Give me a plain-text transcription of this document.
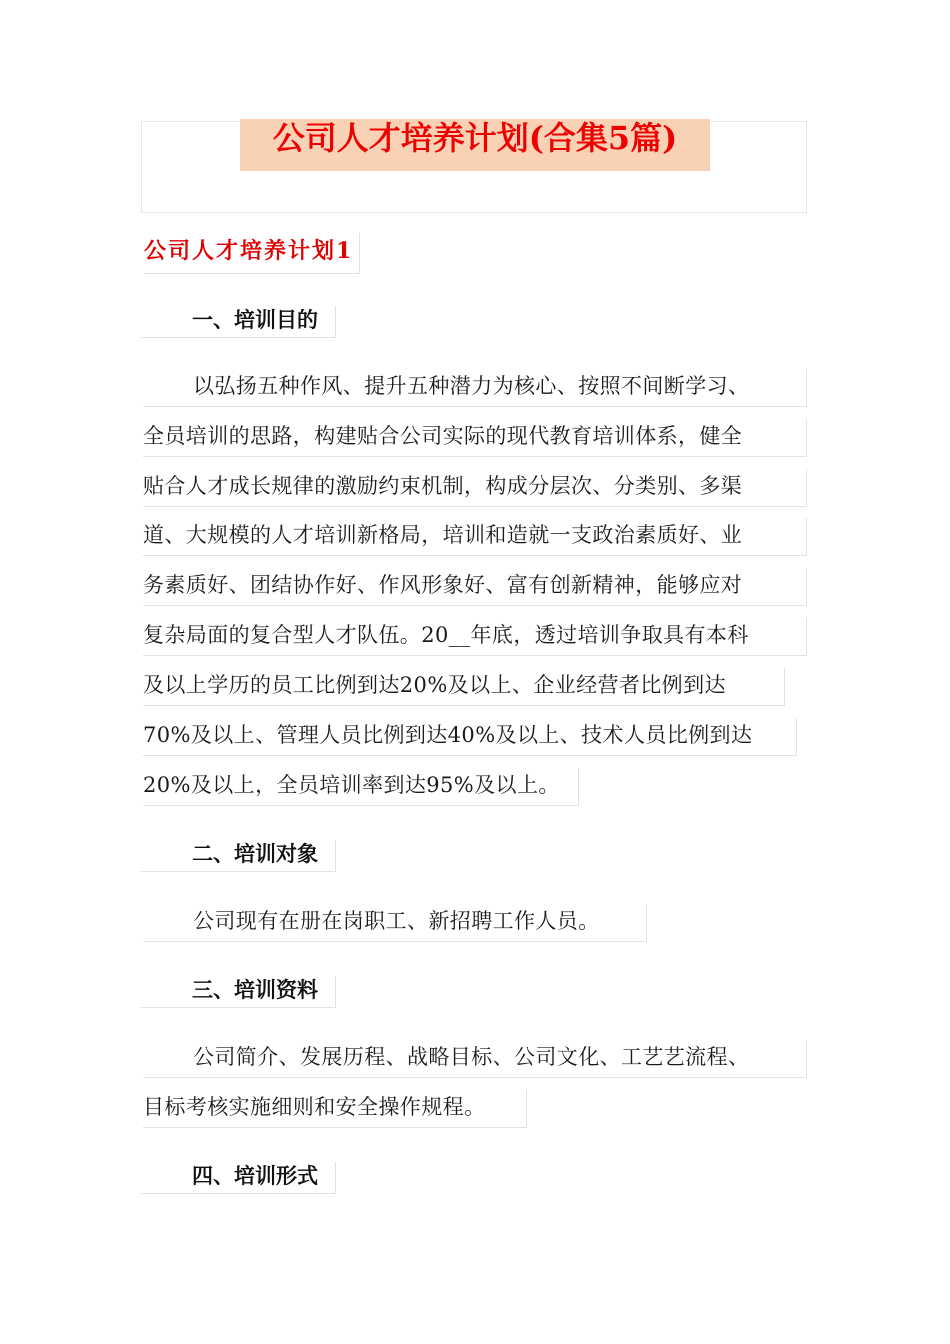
公司人才培养计划(合集5篇)
公司人才培养计划1
一、培训目的
以弘扬五种作风、提升五种潜力为核心、按照不间断学习、
全员培训的思路，构建贴合公司实际的现代教育培训体系，健全
贴合人才成长规律的激励约束机制，构成分层次、分类别、多渠
道、大规模的人才培训新格局，培训和造就一支政治素质好、业
务素质好、团结协作好、作风形象好、富有创新精神，能够应对
复杂局面的复合型人才队伍。20__年底，透过培训争取具有本科
及以上学历的员工比例到达20%及以上、企业经营者比例到达
70%及以上、管理人员比例到达40%及以上、技术人员比例到达
20%及以上，全员培训率到达95%及以上。
二、培训对象
公司现有在册在岗职工、新招聘工作人员。
三、培训资料
公司简介、发展历程、战略目标、公司文化、工艺艺流程、
目标考核实施细则和安全操作规程。
四、培训形式
